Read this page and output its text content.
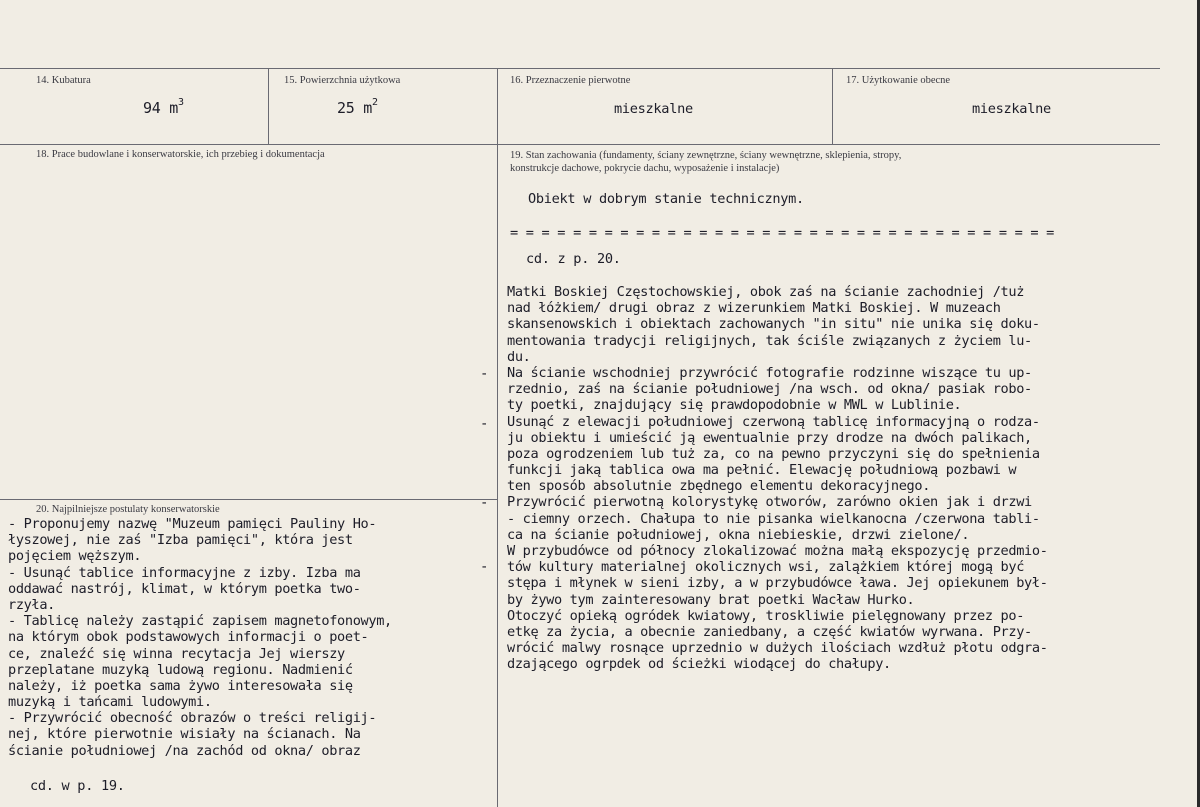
14. Kubatura
94 $m^3$
15. Powierzchnia użytkowa
25 $m^2$
16. Przeznaczenie pierwotne
mieszkalne
17. Użytkowanie obecne
mieszkalne
18. Prace budowlane i konserwatorskie, ich przebieg i dokumentacja	19. Stan zachowania (fundamenty, ściany zewnętrzne, ściany wewnętrzne, sklepienia, stropy,
konstrukcje dachowe, pokrycie dachu, wyposażenie i instalacje)
Obiekt w dobrym stanie technicznym.
= = = = = = = = = = = = = = = = = = = = = = = = = = = = = = = = = = =
cd. z p. 20.
Matki Boskiej Częstochowskiej, obok zaś na ścianie zachodniej /tuż
nad łóżkiem/ drugi obraz z wizerunkiem Matki Boskiej. W muzeach
skansenowskich i obiektach zachowanych "in situ" nie unika się doku-
mentowania tradycji religijnych, tak ściśle związanych z życiem lu-
du.
Na ścianie wschodniej przywrócić fotografie rodzinne wiszące tu up-
rzednio, zaś na ścianie południowej /na wsch. od okna/ pasiak robo-
ty poetki, znajdujący się prawdopodobnie w MWL w Lublinie.
Usunąć z elewacji południowej czerwoną tablicę informacyjną o rodza-
ju obiektu i umieścić ją ewentualnie przy drodze na dwóch palikach,
poza ogrodzeniem lub tuż za, co na pewno przyczyni się do spełnienia
funkcji jaką tablica owa ma pełnić. Elewację południową pozbawi w
ten sposób absolutnie zbędnego elementu dekoracyjnego.
Przywrócić pierwotną kolorystykę otworów, zarówno okien jak i drzwi
- ciemny orzech. Chałupa to nie pisanka wielkanocna /czerwona tabli-
ca na ścianie południowej, okna niebieskie, drzwi zielone/.
W przybudówce od północy zlokalizować można małą ekspozycję przedmio-
tów kultury materialnej okolicznych wsi, zalążkiem której mogą być
stępa i młynek w sieni izby, a w przybudówce ława. Jej opiekunem był-
by żywo tym zainteresowany brat poetki Wacław Hurko.
Otoczyć opieką ogródek kwiatowy, troskliwie pielęgnowany przez po-
etkę za życia, a obecnie zaniedbany, a część kwiatów wyrwana. Przy-
wrócić malwy rosnące uprzednio w dużych ilościach wzdłuż płotu odgra-
dzającego ogrpdek od ścieżki wiodącej do chałupy.
-
-
-
-
20. Najpilniejsze postulaty konserwatorskie
- Proponujemy nazwę "Muzeum pamięci Pauliny Ho-
łyszowej, nie zaś "Izba pamięci", która jest
pojęciem węższym.
- Usunąć tablice informacyjne z izby. Izba ma
oddawać nastrój, klimat, w którym poetka two-
rzyła.
- Tablicę należy zastąpić zapisem magnetofonowym,
na którym obok podstawowych informacji o poet-
ce, znaleźć się winna recytacja Jej wierszy
przeplatane muzyką ludową regionu. Nadmienić
należy, iż poetka sama żywo interesowała się
muzyką i tańcami ludowymi.
- Przywrócić obecność obrazów o treści religij-
nej, które pierwotnie wisiały na ścianach. Na
ścianie południowej /na zachód od okna/ obraz
cd. w p. 19.
